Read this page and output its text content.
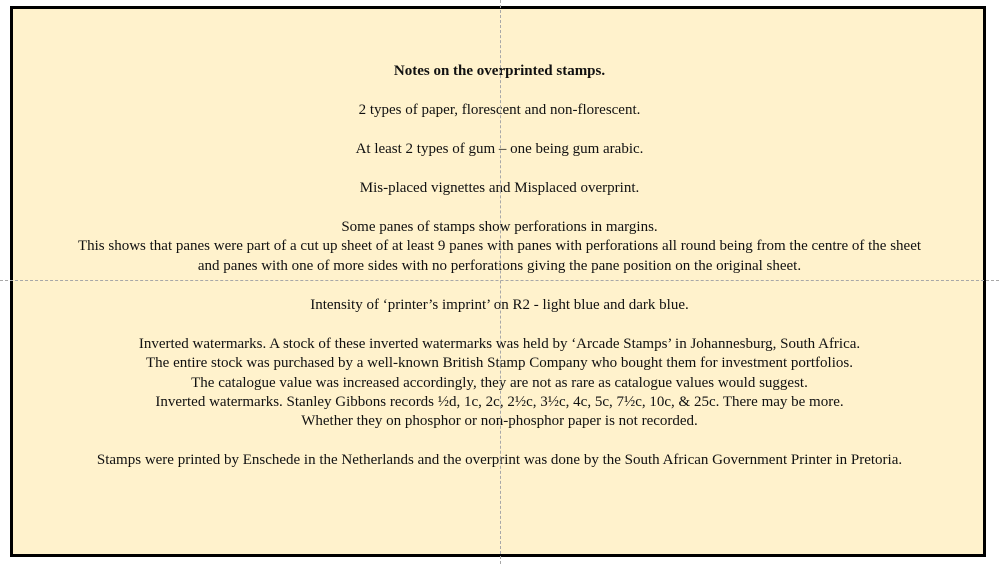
Notes on the overprinted stamps.
2 types of paper, florescent and non-florescent.
At least 2 types of gum – one being gum arabic.
Mis-placed vignettes and Misplaced overprint.
Some panes of stamps show perforations in margins.
This shows that panes were part of a cut up sheet of at least 9 panes with panes with perforations all round being from the centre of the sheet
and panes with one of more sides with no perforations giving the pane position on the original sheet.
Intensity of ‘printer’s imprint’ on R2 - light blue and dark blue.
Inverted watermarks. A stock of these inverted watermarks was held by ‘Arcade Stamps’ in Johannesburg, South Africa.
The entire stock was purchased by a well-known British Stamp Company who bought them for investment portfolios.
The catalogue value was increased accordingly, they are not as rare as catalogue values would suggest.
Inverted watermarks. Stanley Gibbons records ½d, 1c, 2c, 2½c, 3½c, 4c, 5c, 7½c, 10c, & 25c. There may be more.
Whether they on phosphor or non-phosphor paper is not recorded.
Stamps were printed by Enschede in the Netherlands and the overprint was done by the South African Government Printer in Pretoria.
